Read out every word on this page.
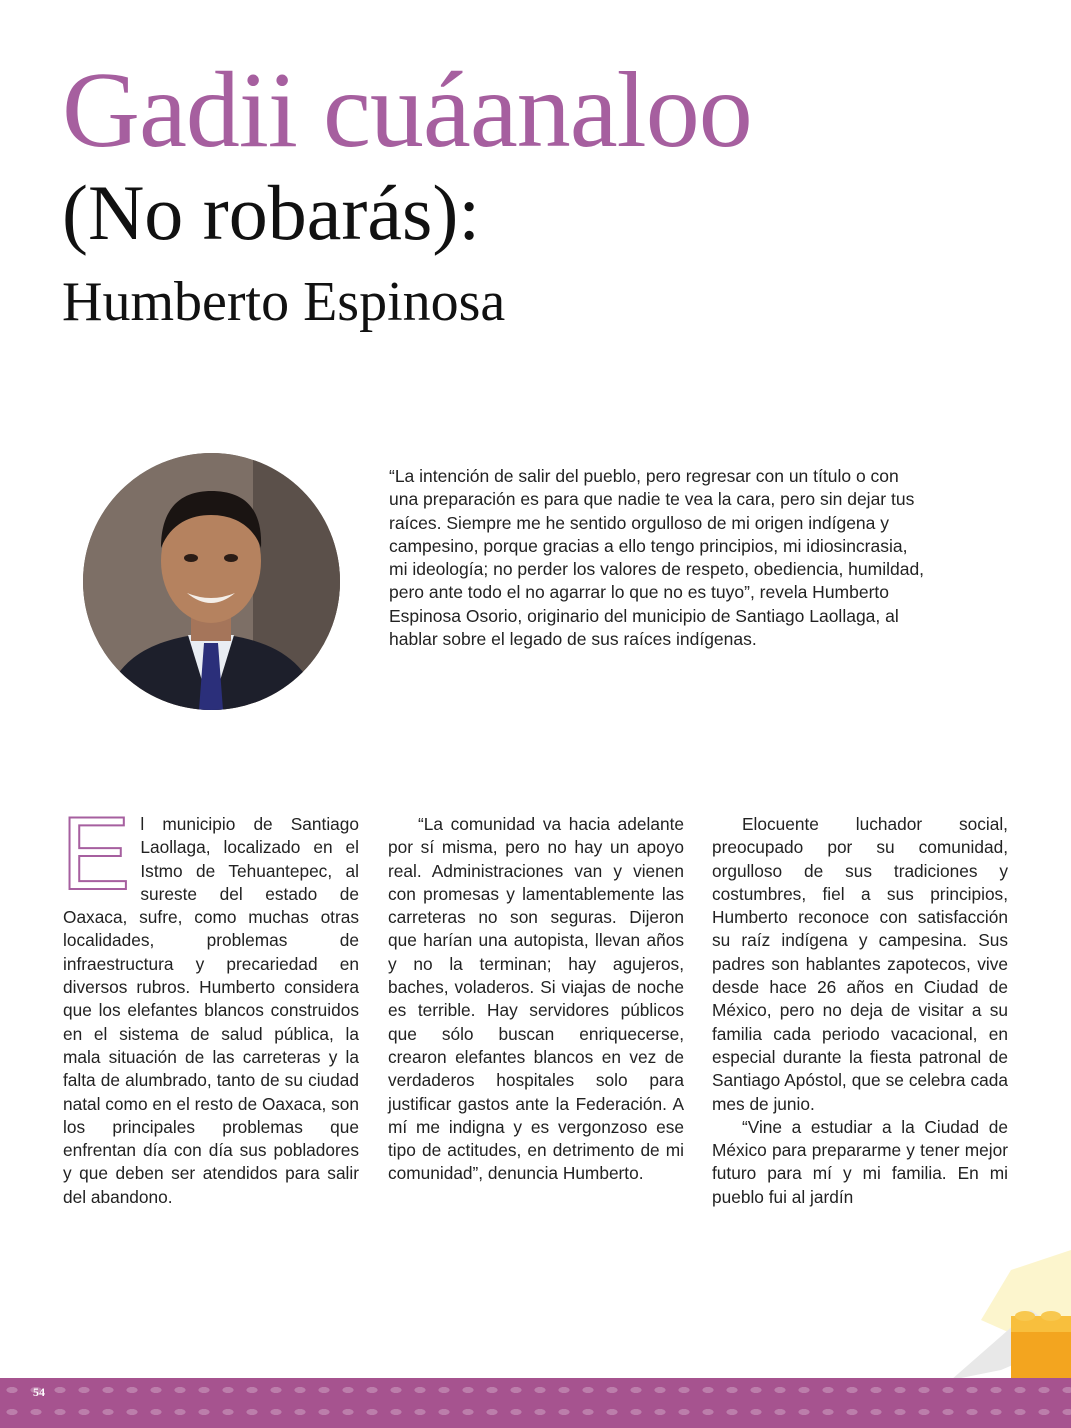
Gadii cuáanaloo
(No robarás):
Humberto Espinosa

“La intención de salir del pueblo, pero regresar con un título o con una preparación es para que nadie te vea la cara, pero sin dejar tus raíces. Siempre me he sentido orgulloso de mi origen indígena y campesino, porque gracias a ello tengo principios, mi idiosincrasia, mi ideología; no perder los valores de respeto, obediencia, humildad, pero ante todo el no agarrar lo que no es tuyo”, revela Humberto Espinosa Osorio, originario del municipio de Santiago Laollaga, al hablar sobre el legado de sus raíces indígenas.

E l municipio de Santiago Laollaga, localizado en el Istmo de Tehuantepec, al sureste del estado de Oaxaca, sufre, como muchas otras localidades, problemas de infraestructura y precariedad en diversos rubros. Humberto considera que los elefantes blancos construidos en el sistema de salud pública, la mala situación de las carreteras y la falta de alumbrado, tanto de su ciudad natal como en el resto de Oaxaca, son los principales problemas que enfrentan día con día sus pobladores y que deben ser atendidos para salir del abandono.

“La comunidad va hacia adelante por sí misma, pero no hay un apoyo real. Administraciones van y vienen con promesas y lamentablemente las carreteras no son seguras. Dijeron que harían una autopista, llevan años y no la terminan; hay agujeros, baches, voladeros. Si viajas de noche es terrible. Hay servidores públicos que sólo buscan enriquecerse, crearon elefantes blancos en vez de verdaderos hospitales solo para justificar gastos ante la Federación. A mí me indigna y es vergonzoso ese tipo de actitudes, en detrimento de mi comunidad”, denuncia Humberto.

Elocuente luchador social, preocupado por su comunidad, orgulloso de sus tradiciones y costumbres, fiel a sus principios, Humberto reconoce con satisfacción su raíz indígena y campesina. Sus padres son hablantes zapotecos, vive desde hace 26 años en Ciudad de México, pero no deja de visitar a su familia cada periodo vacacional, en especial durante la fiesta patronal de Santiago Apóstol, que se celebra cada mes de junio.

“Vine a estudiar a la Ciudad de México para prepararme y tener mejor futuro para mí y mi familia. En mi pueblo fui al jardín

54
